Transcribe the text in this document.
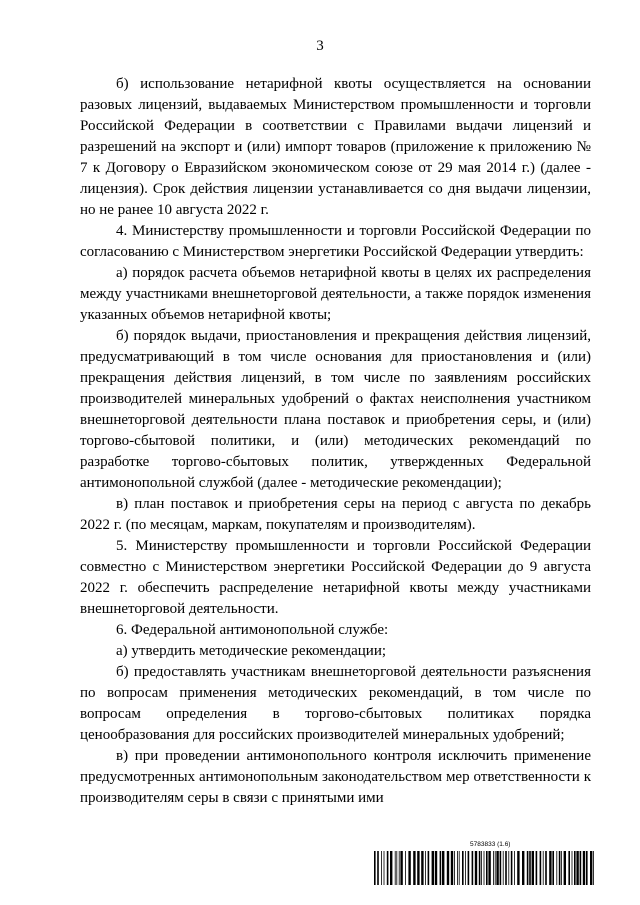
3

б) использование нетарифной квоты осуществляется на основании разовых лицензий, выдаваемых Министерством промышленности и торговли Российской Федерации в соответствии с Правилами выдачи лицензий и разрешений на экспорт и (или) импорт товаров (приложение к приложению № 7 к Договору о Евразийском экономическом союзе от 29 мая 2014 г.) (далее - лицензия). Срок действия лицензии устанавливается со дня выдачи лицензии, но не ранее 10 августа 2022 г.

4. Министерству промышленности и торговли Российской Федерации по согласованию с Министерством энергетики Российской Федерации утвердить:

а) порядок расчета объемов нетарифной квоты в целях их распределения между участниками внешнеторговой деятельности, а также порядок изменения указанных объемов нетарифной квоты;

б) порядок выдачи, приостановления и прекращения действия лицензий, предусматривающий в том числе основания для приостановления и (или) прекращения действия лицензий, в том числе по заявлениям российских производителей минеральных удобрений о фактах неисполнения участником внешнеторговой деятельности плана поставок и приобретения серы, и (или) торгово-сбытовой политики, и (или) методических рекомендаций по разработке торгово-сбытовых политик, утвержденных Федеральной антимонопольной службой (далее - методические рекомендации);

в) план поставок и приобретения серы на период с августа по декабрь 2022 г. (по месяцам, маркам, покупателям и производителям).

5. Министерству промышленности и торговли Российской Федерации совместно с Министерством энергетики Российской Федерации до 9 августа 2022 г. обеспечить распределение нетарифной квоты между участниками внешнеторговой деятельности.

6. Федеральной антимонопольной службе:

а) утвердить методические рекомендации;

б) предоставлять участникам внешнеторговой деятельности разъяснения по вопросам применения методических рекомендаций, в том числе по вопросам определения в торгово-сбытовых политиках порядка ценообразования для российских производителей минеральных удобрений;

в) при проведении антимонопольного контроля исключить применение предусмотренных антимонопольным законодательством мер ответственности к производителям серы в связи с принятыми ими

5783833 (1.6)
